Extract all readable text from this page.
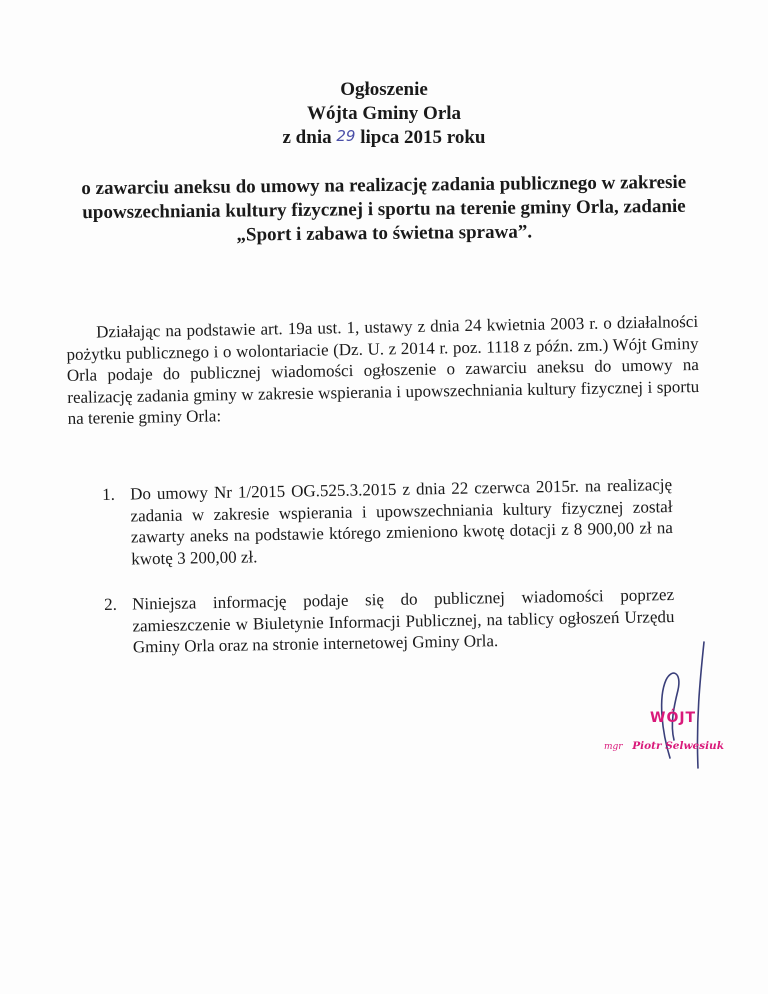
Ogłoszenie
Wójta Gminy Orla
z dnia 29 lipca 2015 roku
o zawarciu aneksu do umowy na realizację zadania publicznego w zakresie upowszechniania kultury fizycznej i sportu na terenie gminy Orla, zadanie „Sport i zabawa to świetna sprawa”.
Działając na podstawie art. 19a ust. 1, ustawy z dnia 24 kwietnia 2003 r. o działalności pożytku publicznego i o wolontariacie (Dz. U. z 2014 r. poz. 1118 z późn. zm.) Wójt Gminy Orla podaje do publicznej wiadomości ogłoszenie o zawarciu aneksu do umowy na realizację zadania gminy w zakresie wspierania i upowszechniania kultury fizycznej i sportu na terenie gminy Orla:
1. Do umowy Nr 1/2015 OG.525.3.2015 z dnia 22 czerwca 2015r. na realizację zadania w zakresie wspierania i upowszechniania kultury fizycznej został zawarty aneks na podstawie którego zmieniono kwotę dotacji z 8 900,00 zł na kwotę 3 200,00 zł.
2. Niniejsza informację podaje się do publicznej wiadomości poprzez zamieszczenie w Biuletynie Informacji Publicznej, na tablicy ogłoszeń Urzędu Gminy Orla oraz na stronie internetowej Gminy Orla.
WÓJT
mgr Piotr Selwesiuk
